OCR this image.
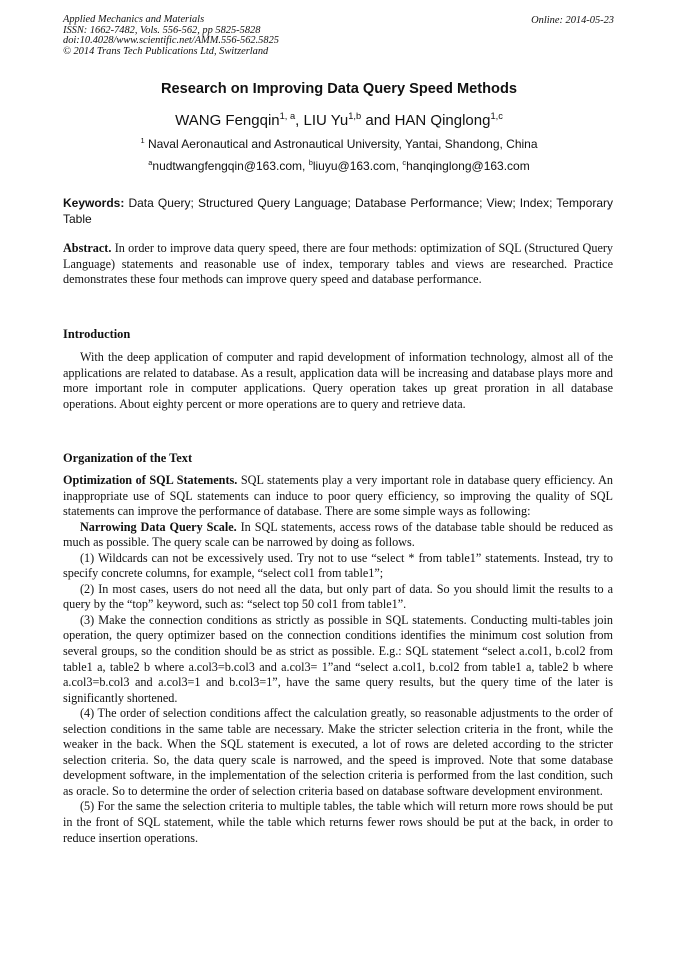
Applied Mechanics and Materials
ISSN: 1662-7482, Vols. 556-562, pp 5825-5828
doi:10.4028/www.scientific.net/AMM.556-562.5825
© 2014 Trans Tech Publications Ltd, Switzerland
Online: 2014-05-23
Research on Improving Data Query Speed Methods
WANG Fengqin$^{1, a}$, LIU Yu$^{1,b}$ and HAN Qinglong$^{1,c}$
$^1$ Naval Aeronautical and Astronautical University, Yantai, Shandong, China
$^a$nudtwangfengqin@163.com, $^b$liuyu@163.com, $^c$hanqinglong@163.com
Keywords: Data Query; Structured Query Language; Database Performance; View; Index; Temporary Table
Abstract. In order to improve data query speed, there are four methods: optimization of SQL (Structured Query Language) statements and reasonable use of index, temporary tables and views are researched. Practice demonstrates these four methods can improve query speed and database performance.
Introduction

With the deep application of computer and rapid development of information technology, almost all of the applications are related to database. As a result, application data will be increasing and database plays more and more important role in computer applications. Query operation takes up great proration in all database operations. About eighty percent or more operations are to query and retrieve data.

Organization of the Text

Optimization of SQL Statements. SQL statements play a very important role in database query efficiency. An inappropriate use of SQL statements can induce to poor query efficiency, so improving the quality of SQL statements can improve the performance of database. There are some simple ways as following:

Narrowing Data Query Scale. In SQL statements, access rows of the database table should be reduced as much as possible. The query scale can be narrowed by doing as follows.

(1) Wildcards can not be excessively used. Try not to use “select * from table1” statements. Instead, try to specify concrete columns, for example, “select col1 from table1”;

(2) In most cases, users do not need all the data, but only part of data. So you should limit the results to a query by the “top” keyword, such as: “select top 50 col1 from table1”.

(3) Make the connection conditions as strictly as possible in SQL statements. Conducting multi-tables join operation, the query optimizer based on the connection conditions identifies the minimum cost solution from several groups, so the condition should be as strict as possible. E.g.: SQL statement “select a.col1, b.col2 from table1 a, table2 b where a.col3=b.col3 and a.col3= 1”and “select a.col1, b.col2 from table1 a, table2 b where a.col3=b.col3 and a.col3=1 and b.col3=1”, have the same query results, but the query time of the later is significantly shortened.

(4) The order of selection conditions affect the calculation greatly, so reasonable adjustments to the order of selection conditions in the same table are necessary. Make the stricter selection criteria in the front, while the weaker in the back. When the SQL statement is executed, a lot of rows are deleted according to the stricter selection criteria. So, the data query scale is narrowed, and the speed is improved. Note that some database development software, in the implementation of the selection criteria is performed from the last condition, such as oracle. So to determine the order of selection criteria based on database software development environment.

(5) For the same the selection criteria to multiple tables, the table which will return more rows should be put in the front of SQL statement, while the table which returns fewer rows should be put at the back, in order to reduce insertion operations.
